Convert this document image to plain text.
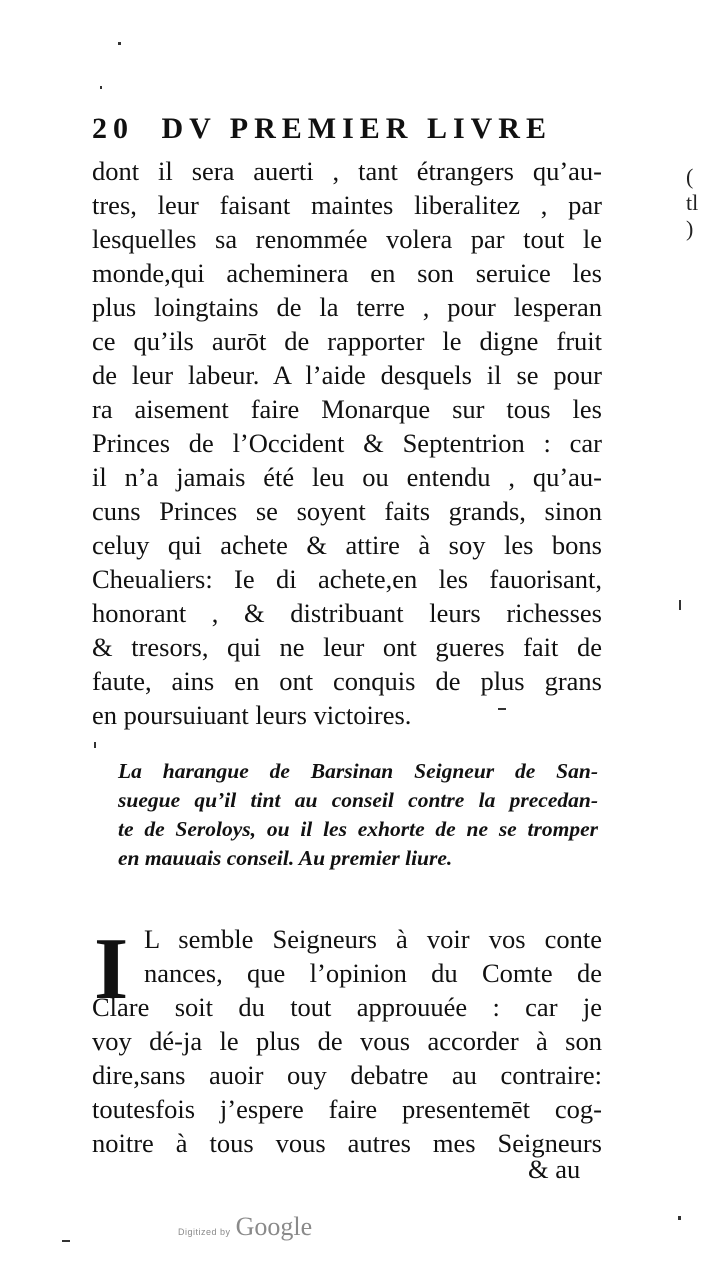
20 DV PREMIER LIVRE
dont il sera auerti , tant étrangers qu’au-
tres, leur faisant maintes liberalitez , par
lesquelles sa renommée volera par tout le
monde,qui acheminera en son seruice les
plus loingtains de la terre , pour lesperan
ce qu’ils aurōt de rapporter le digne fruit
de leur labeur. A l’aide desquels il se pour
ra aisement faire Monarque sur tous les
Princes de l’Occident & Septentrion : car
il n’a jamais été leu ou entendu , qu’au-
cuns Princes se soyent faits grands, sinon
celuy qui achete & attire à soy les bons
Cheualiers: Ie di achete,en les fauorisant,
honorant , & distribuant leurs richesses
& tresors, qui ne leur ont gueres fait de
faute, ains en ont conquis de plus grans
en poursuiuant leurs victoires.
La harangue de Barsinan Seigneur de San-
suegue qu’il tint au conseil contre la precedan-
te de Seroloys, ou il les exhorte de ne se tromper
en mauuais conseil. Au premier liure.
I L semble Seigneurs à voir vos conte
nances, que l’opinion du Comte de
Clare soit du tout approuuée : car je
voy dé-ja le plus de vous accorder à son
dire,sans auoir ouy debatre au contraire:
toutesfois j’espere faire presentemēt cog-
noitre à tous vous autres mes Seigneurs
& au
(
tl
)
Digitized by Google
